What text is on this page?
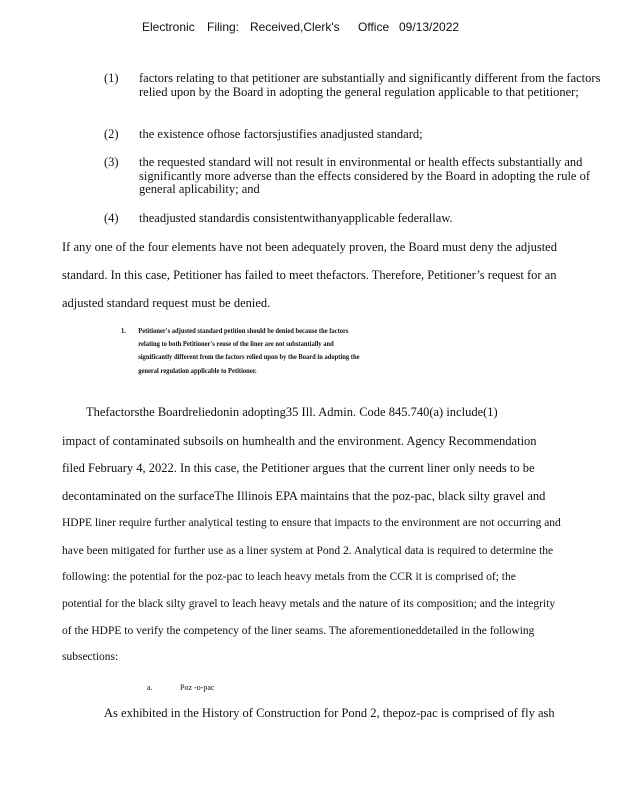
Electronic Filing: Received,Clerk's Office 09/13/2022
(1) factors relating to that petitioner are substantially and significantly different from the factors relied upon by the Board in adopting the general regulation applicable to that petitioner;
(2) the existence ofhose factorsjustifies anadjusted standard;
(3) the requested standard will not result in environmental or health effects substantially and significantly more adverse than the effects considered by the Board in adopting the rule of general aplicability; and
(4) theadjusted standardis consistentwithanyapplicable federallaw.
If any one of the four elements have not been adequately proven, the Board must deny the adjusted
standard. In this case, Petitioner has failed to meet thefactors. Therefore, Petitioner’s request for an
adjusted standard request must be denied.
1. Petitioner's adjusted standard petition should be denied because the factors
relating to both Petitioner's reuse of the liner are not substantially and
significantly different from the factors relied upon by the Board in adopting the
general regulation applicable to Petitioner.
Thefactorsthe Boardreliedonin adopting35 Ill. Admin. Code 845.740(a) include(1)
impact of contaminated subsoils on humhealth and the environment. Agency Recommendation
filed February 4, 2022. In this case, the Petitioner argues that the current liner only needs to be
decontaminated on the surfaceThe Illinois EPA maintains that the poz-pac, black silty gravel and
HDPE liner require further analytical testing to ensure that impacts to the environment are not occurring and
have been mitigated for further use as a liner system at Pond 2. Analytical data is required to determine the
following: the potential for the poz-pac to leach heavy metals from the CCR it is comprised of; the
potential for the black silty gravel to leach heavy metals and the nature of its composition; and the integrity
of the HDPE to verify the competency of the liner seams. The aforementioneddetailed in the following
subsections:
a.	Poz -o-pac
As exhibited in the History of Construction for Pond 2, thepoz-pac is comprised of fly ash
